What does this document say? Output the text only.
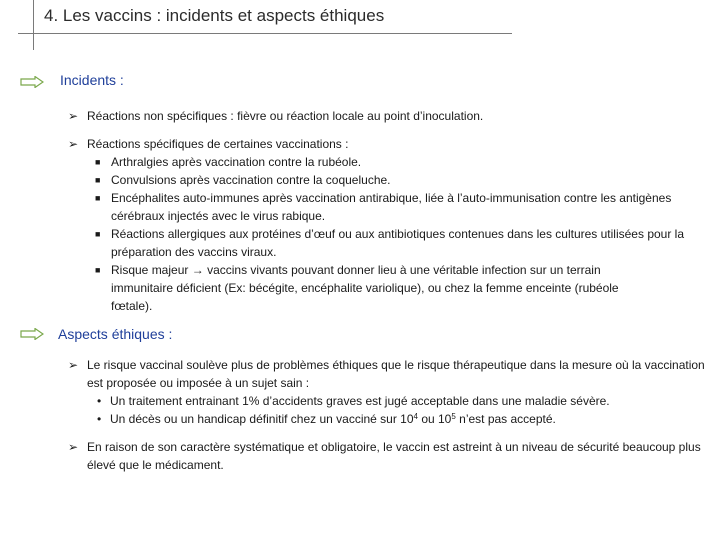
4. Les vaccins : incidents et aspects éthiques
Incidents :
➢ Réactions non spécifiques : fièvre ou réaction locale au point d’inoculation.
➢ Réactions spécifiques de certaines vaccinations :
■ Arthralgies après vaccination contre la rubéole.
■ Convulsions après vaccination contre la coqueluche.
■ Encéphalites auto-immunes après vaccination antirabique, liée à l’auto-immunisation contre les antigènes cérébraux injectés avec le virus rabique.
■ Réactions allergiques aux protéines d’œuf ou aux antibiotiques contenues dans les cultures utilisées pour la préparation des vaccins viraux.
■ Risque majeur → vaccins vivants pouvant donner lieu à une véritable infection sur un terrain immunitaire déficient (Ex: bécégite, encéphalite variolique), ou chez la femme enceinte (rubéole fœtale).
Aspects éthiques :
➢ Le risque vaccinal soulève plus de problèmes éthiques que le risque thérapeutique dans la mesure où la vaccination est proposée ou imposée à un sujet sain :
• Un traitement entrainant 1% d’accidents graves est jugé acceptable dans une maladie sévère.
• Un décès ou un handicap définitif chez un vacciné sur $10^4$ ou $10^5$ n’est pas accepté.
➢ En raison de son caractère systématique et obligatoire, le vaccin est astreint à un niveau de sécurité beaucoup plus élevé que le médicament.
